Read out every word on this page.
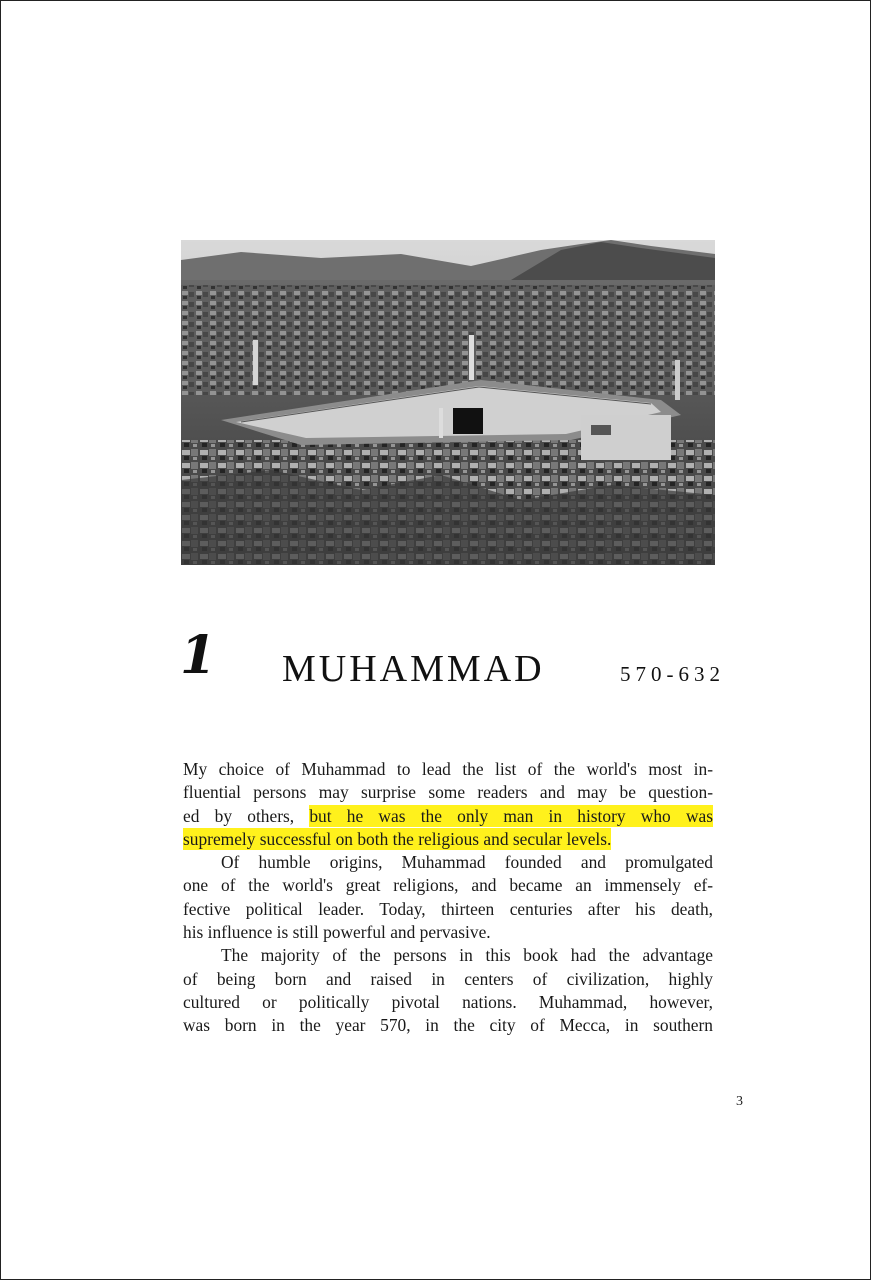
1 MUHAMMAD	570-632

My choice of Muhammad to lead the list of the world's most in-
fluential persons may surprise some readers and may be question-
ed by others, but he was the only man in history who was
supremely successful on both the religious and secular levels.

Of humble origins, Muhammad founded and promulgated
one of the world's great religions, and became an immensely ef-
fective political leader. Today, thirteen centuries after his death,
his influence is still powerful and pervasive.

The majority of the persons in this book had the advantage
of being born and raised in centers of civilization, highly
cultured or politically pivotal nations. Muhammad, however,
was born in the year 570, in the city of Mecca, in southern

3
